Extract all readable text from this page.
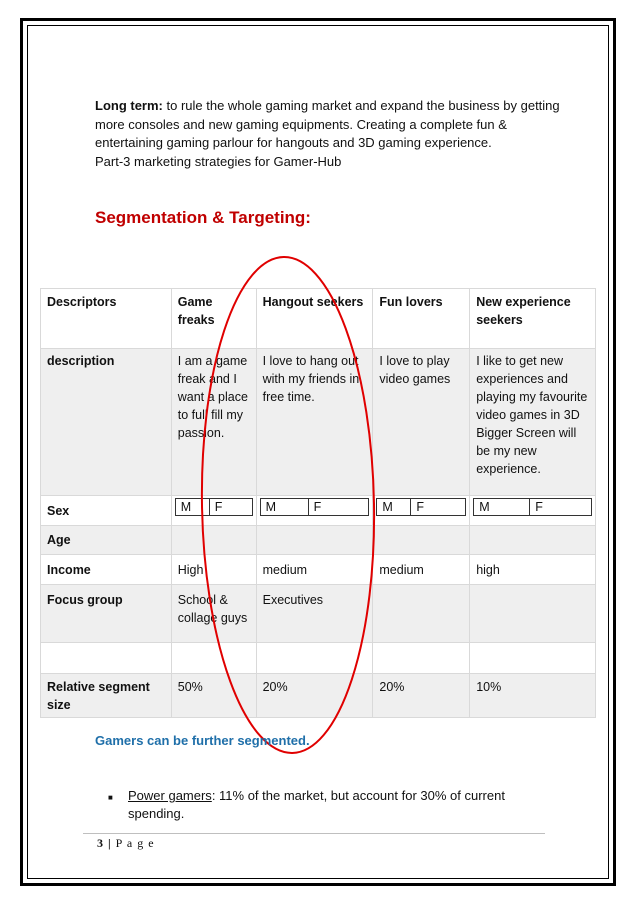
Long term: to rule the whole gaming market and expand the business by getting more consoles and new gaming equipments. Creating a complete fun & entertaining gaming parlour for hangouts and 3D gaming experience.
Part-3 marketing strategies for Gamer-Hub
Segmentation & Targeting:
Descriptors	Game freaks	Hangout seekers	Fun lovers	New experience seekers
description	I am a game freak and I want a place to full fill my passion.	I love to hang out with my friends in free time.	I love to play video games	I like to get new experiences and playing my favourite video games in 3D Bigger Screen will be my new experience.
Sex	M F	M F	M F	M F

Age				
Income	High	medium	medium	high
Focus group	School & collage guys	Executives		

Relative segment size	50%	20%	20%	10%
Gamers can be further segmented.
■	Power gamers: 11% of the market, but account for 30% of current spending.
3 | P a g e
